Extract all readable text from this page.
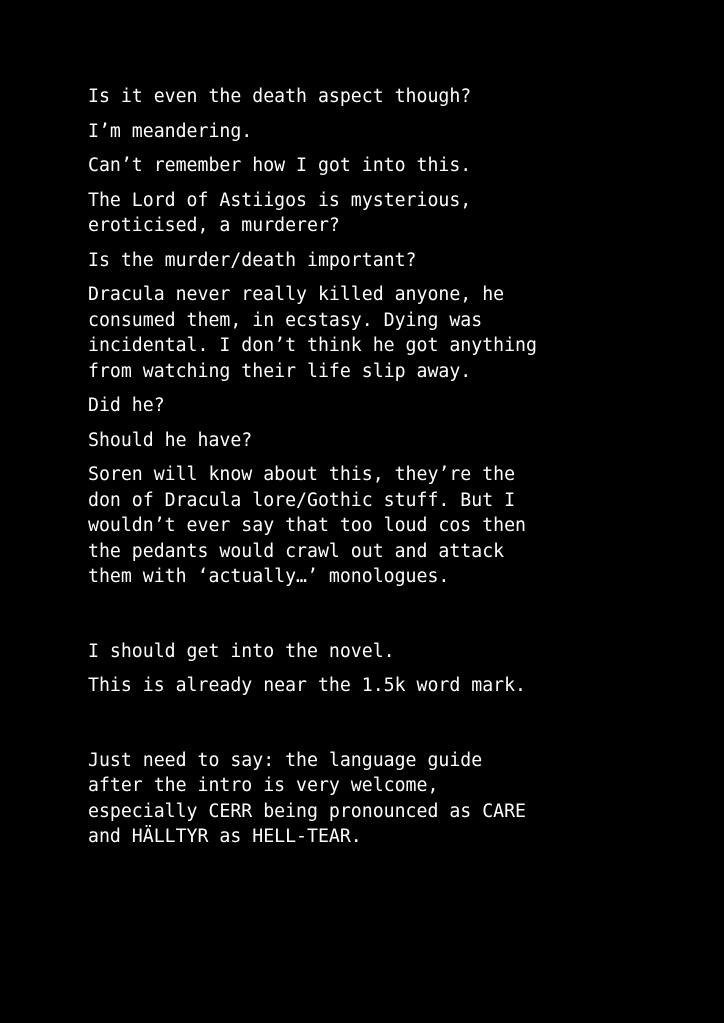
Is it even the death aspect though?

I’m meandering.

Can’t remember how I got into this.

The Lord of Astiigos is mysterious,
eroticised, a murderer?

Is the murder/death important?

Dracula never really killed anyone, he
consumed them, in ecstasy. Dying was
incidental. I don’t think he got anything
from watching their life slip away.

Did he?

Should he have?

Soren will know about this, they’re the
don of Dracula lore/Gothic stuff. But I
wouldn’t ever say that too loud cos then
the pedants would crawl out and attack
them with ‘actually…’ monologues.

I should get into the novel.

This is already near the 1.5k word mark.

Just need to say: the language guide
after the intro is very welcome,
especially CERR being pronounced as CARE
and HÄLLTYR as HELL-TEAR.
